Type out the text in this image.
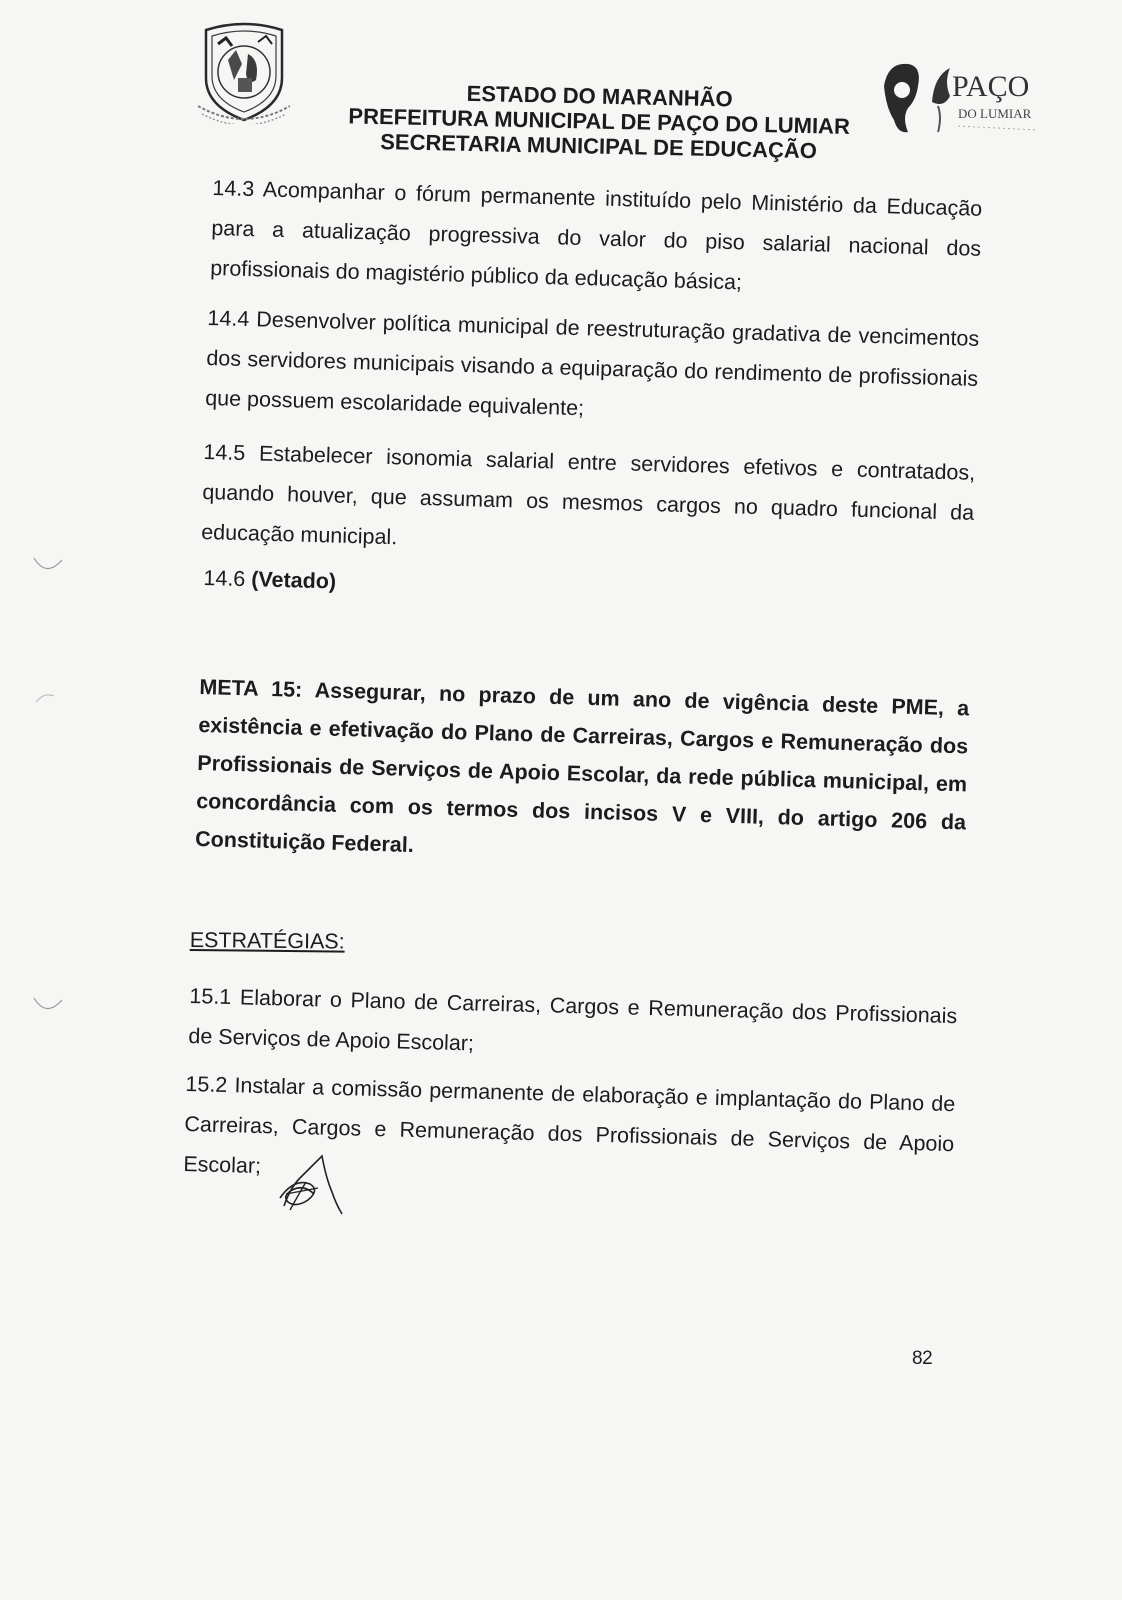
ESTADO DO MARANHÃO
PREFEITURA MUNICIPAL DE PAÇO DO LUMIAR
SECRETARIA MUNICIPAL DE EDUCAÇÃO
PAÇO
DO LUMIAR
14.3 Acompanhar o fórum permanente instituído pelo Ministério da Educação para a atualização progressiva do valor do piso salarial nacional dos profissionais do magistério público da educação básica;
14.4 Desenvolver política municipal de reestruturação gradativa de vencimentos dos servidores municipais visando a equiparação do rendimento de profissionais que possuem escolaridade equivalente;
14.5 Estabelecer isonomia salarial entre servidores efetivos e contratados, quando houver, que assumam os mesmos cargos no quadro funcional da educação municipal.
14.6 (Vetado)
META 15: Assegurar, no prazo de um ano de vigência deste PME, a existência e efetivação do Plano de Carreiras, Cargos e Remuneração dos Profissionais de Serviços de Apoio Escolar, da rede pública municipal, em concordância com os termos dos incisos V e VIII, do artigo 206 da Constituição Federal.
ESTRATÉGIAS:
15.1 Elaborar o Plano de Carreiras, Cargos e Remuneração dos Profissionais de Serviços de Apoio Escolar;
15.2 Instalar a comissão permanente de elaboração e implantação do Plano de Carreiras, Cargos e Remuneração dos Profissionais de Serviços de Apoio Escolar;
82
